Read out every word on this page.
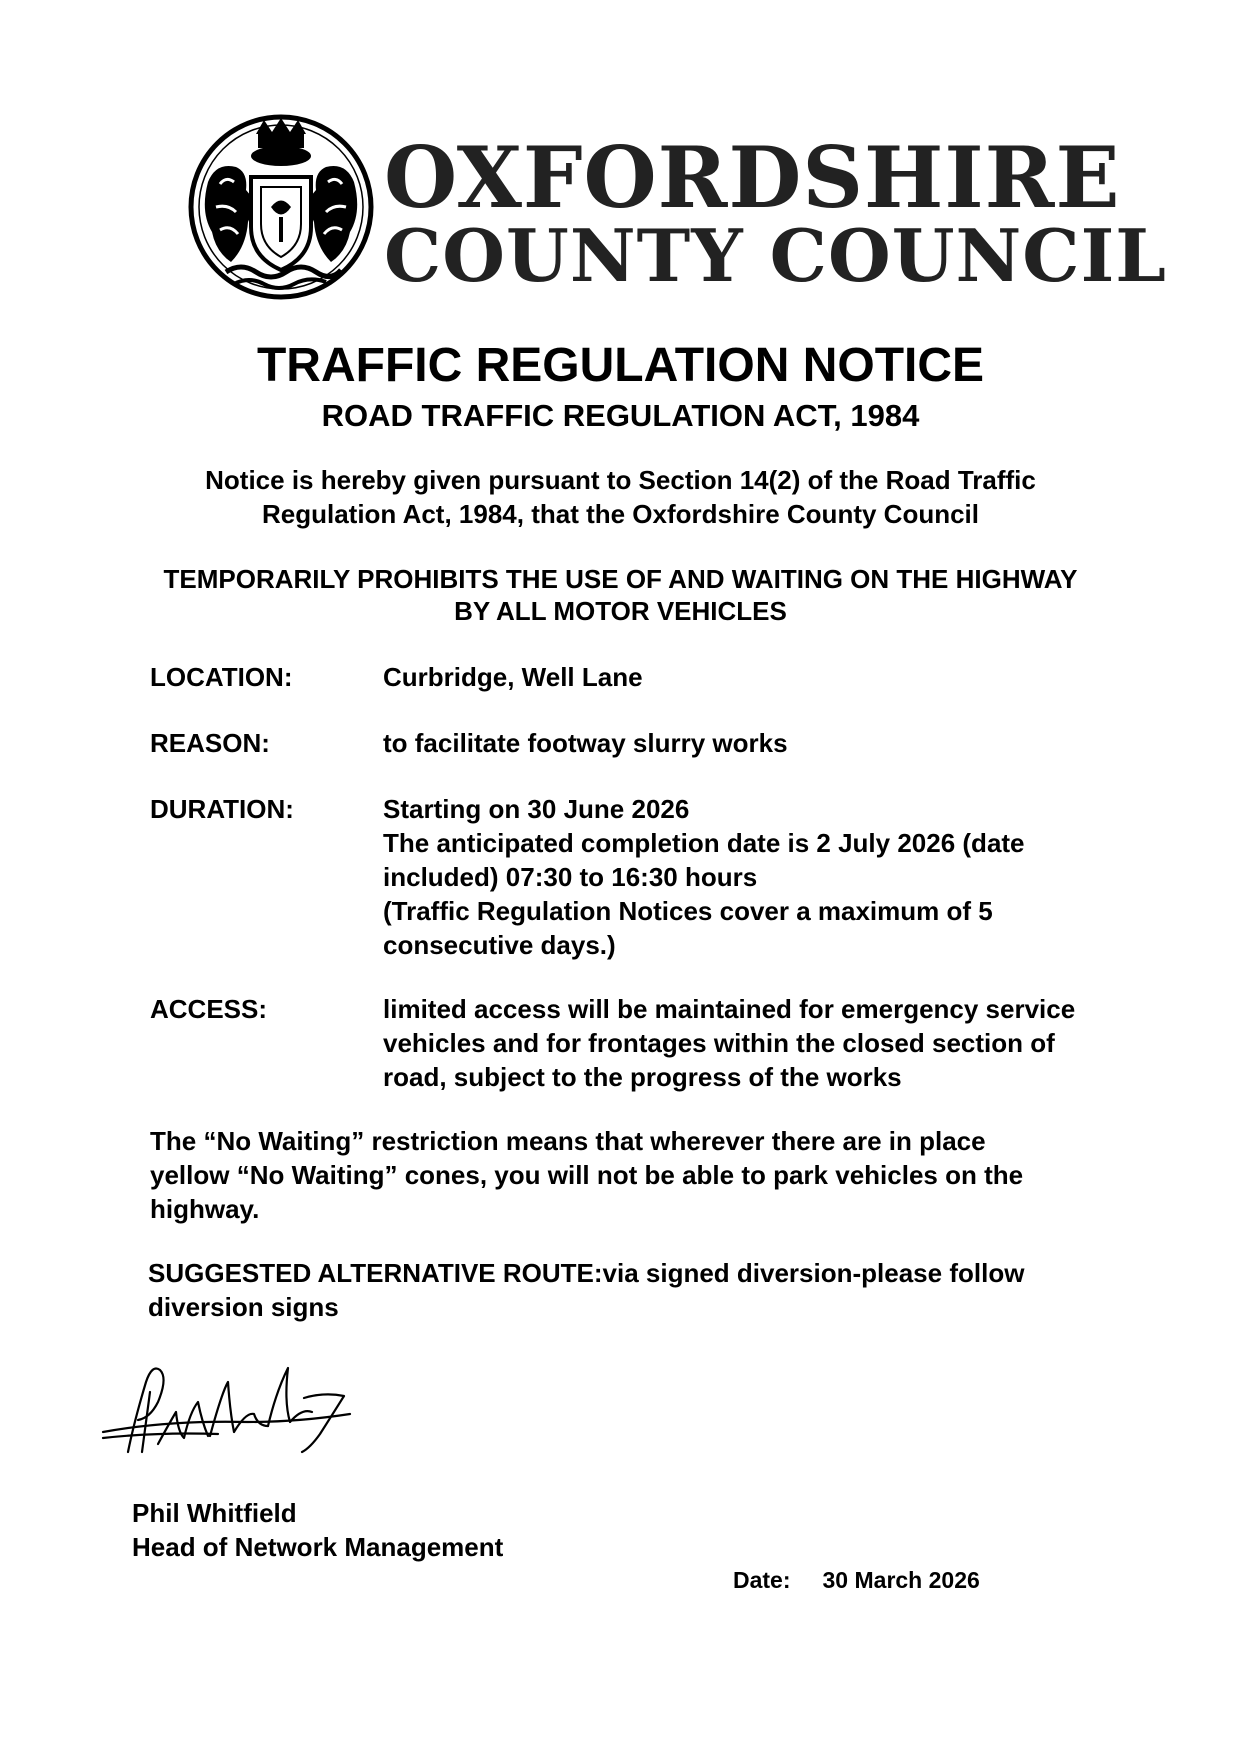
OXFORDSHIRE
COUNTY COUNCIL
TRAFFIC REGULATION NOTICE
ROAD TRAFFIC REGULATION ACT, 1984
Notice is hereby given pursuant to Section 14(2) of the Road Traffic
Regulation Act, 1984, that the Oxfordshire County Council
TEMPORARILY PROHIBITS THE USE OF AND WAITING ON THE HIGHWAY
BY ALL MOTOR VEHICLES
LOCATION:	Curbridge, Well Lane
REASON:	to facilitate footway slurry works
DURATION:	Starting on 30 June 2026
The anticipated completion date is 2 July 2026 (date
included) 07:30 to 16:30 hours
(Traffic Regulation Notices cover a maximum of 5
consecutive days.)
ACCESS:	limited access will be maintained for emergency service
vehicles and for frontages within the closed section of
road, subject to the progress of the works
The “No Waiting” restriction means that wherever there are in place
yellow “No Waiting” cones, you will not be able to park vehicles on the
highway.
SUGGESTED ALTERNATIVE ROUTE:via signed diversion-please follow
diversion signs
Phil Whitfield
Head of Network Management
Date: 30 March 2026
